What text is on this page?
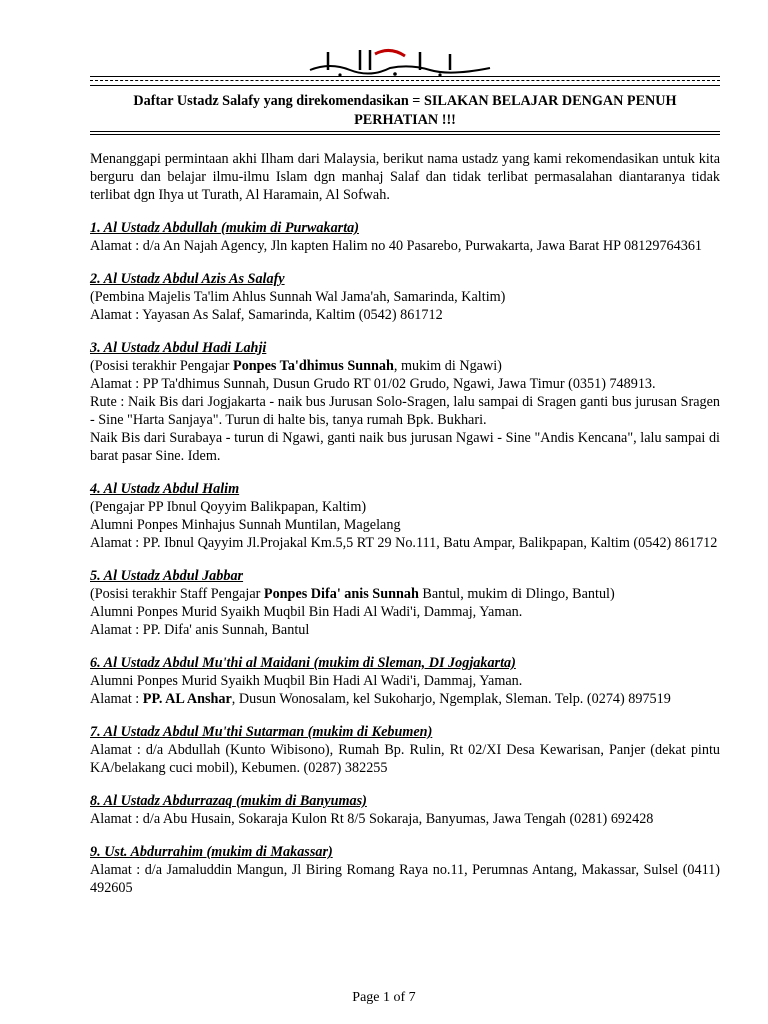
Daftar Ustadz Salafy yang direkomendasikan = SILAKAN BELAJAR DENGAN PENUH PERHATIAN !!!

Menanggapi permintaan akhi Ilham dari Malaysia, berikut nama ustadz yang kami rekomendasikan untuk kita berguru dan belajar ilmu-ilmu Islam dgn manhaj Salaf dan tidak terlibat permasalahan diantaranya tidak terlibat dgn Ihya ut Turath, Al Haramain, Al Sofwah.

1. Al Ustadz Abdullah (mukim di Purwakarta)

Alamat : d/a An Najah Agency, Jln kapten Halim no 40 Pasarebo, Purwakarta, Jawa Barat HP 08129764361

2. Al Ustadz Abdul Azis As Salafy

(Pembina Majelis Ta'lim Ahlus Sunnah Wal Jama'ah, Samarinda, Kaltim)

Alamat : Yayasan As Salaf, Samarinda, Kaltim (0542) 861712

3. Al Ustadz Abdul Hadi Lahji

(Posisi terakhir Pengajar Ponpes Ta'dhimus Sunnah, mukim di Ngawi)

Alamat : PP Ta'dhimus Sunnah, Dusun Grudo RT 01/02 Grudo, Ngawi, Jawa Timur (0351) 748913.

Rute : Naik Bis dari Jogjakarta - naik bus Jurusan Solo-Sragen, lalu sampai di Sragen ganti bus jurusan Sragen - Sine "Harta Sanjaya". Turun di halte bis, tanya rumah Bpk. Bukhari.

Naik Bis dari Surabaya - turun di Ngawi, ganti naik bus jurusan Ngawi - Sine "Andis Kencana", lalu sampai di barat pasar Sine. Idem.

4. Al Ustadz Abdul Halim

(Pengajar PP Ibnul Qoyyim Balikpapan, Kaltim)

Alumni Ponpes Minhajus Sunnah Muntilan, Magelang

Alamat : PP. Ibnul Qayyim Jl.Projakal Km.5,5 RT 29 No.111, Batu Ampar, Balikpapan, Kaltim (0542) 861712

5. Al Ustadz Abdul Jabbar

(Posisi terakhir Staff Pengajar Ponpes Difa' anis Sunnah Bantul, mukim di Dlingo, Bantul)

Alumni Ponpes Murid Syaikh Muqbil Bin Hadi Al Wadi'i, Dammaj, Yaman.

Alamat : PP. Difa' anis Sunnah, Bantul

6. Al Ustadz Abdul Mu'thi al Maidani (mukim di Sleman, DI Jogjakarta)

Alumni Ponpes Murid Syaikh Muqbil Bin Hadi Al Wadi'i, Dammaj, Yaman.

Alamat : PP. AL Anshar, Dusun Wonosalam, kel Sukoharjo, Ngemplak, Sleman. Telp. (0274) 897519

7. Al Ustadz Abdul Mu'thi Sutarman (mukim di Kebumen)

Alamat : d/a Abdullah (Kunto Wibisono), Rumah Bp. Rulin, Rt 02/XI Desa Kewarisan, Panjer (dekat pintu KA/belakang cuci mobil), Kebumen. (0287) 382255

8. Al Ustadz Abdurrazaq (mukim di Banyumas)

Alamat : d/a Abu Husain, Sokaraja Kulon Rt 8/5 Sokaraja, Banyumas, Jawa Tengah (0281) 692428

9. Ust. Abdurrahim (mukim di Makassar)

Alamat : d/a Jamaluddin Mangun, Jl Biring Romang Raya no.11, Perumnas Antang, Makassar, Sulsel (0411) 492605

Page 1 of 7
